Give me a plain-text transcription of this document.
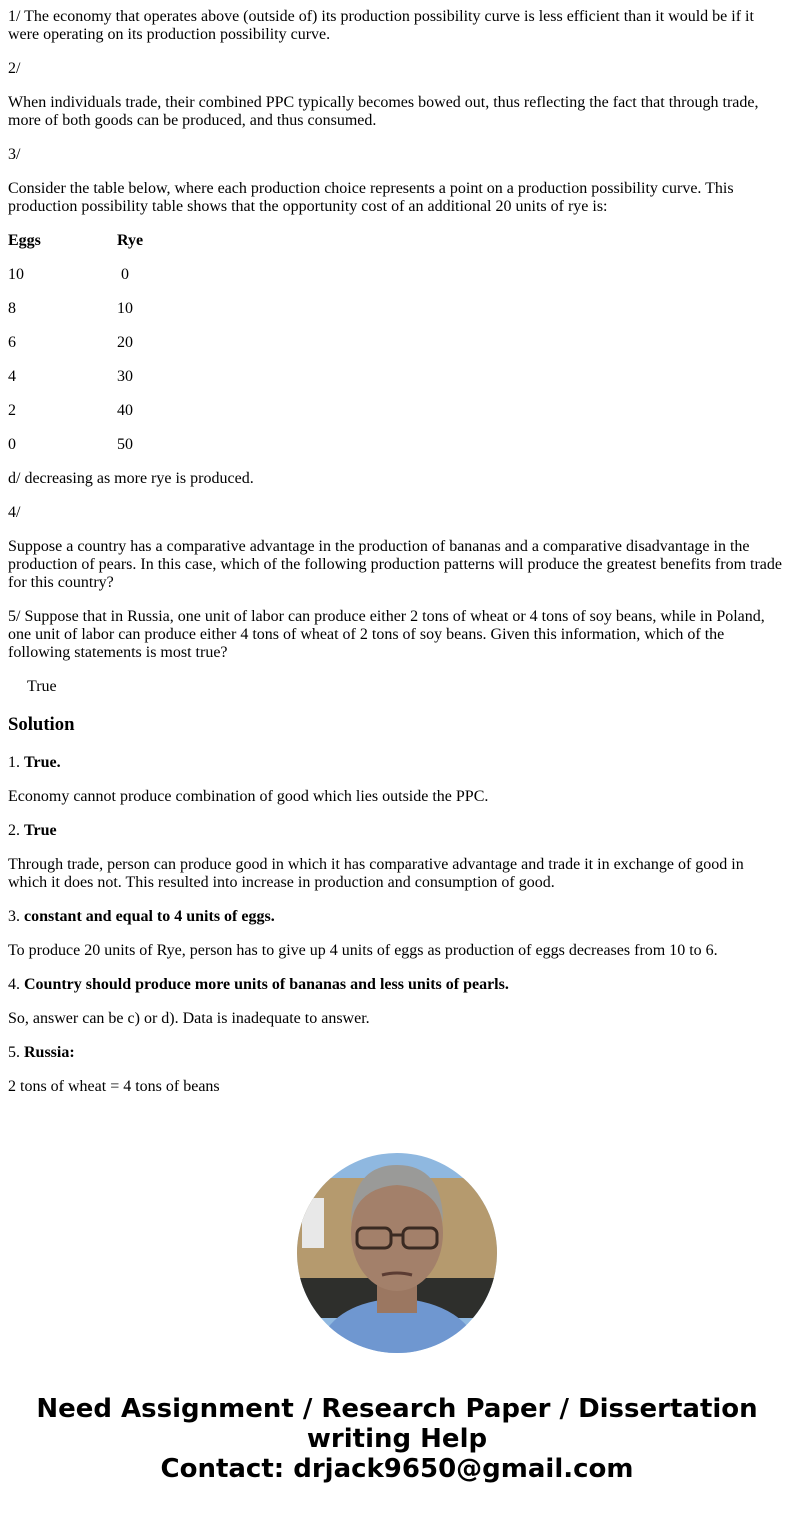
1/ The economy that operates above (outside of) its production possibility curve is less efficient than it would be if it were operating on its production possibility curve.

2/

When individuals trade, their combined PPC typically becomes bowed out, thus reflecting the fact that through trade, more of both goods can be produced, and thus consumed.

3/

Consider the table below, where each production choice represents a point on a production possibility curve. This production possibility table shows that the opportunity cost of an additional 20 units of rye is:

Eggs	Rye
10	0
8	10
6	20
4	30
2	40
0	50

d/ decreasing as more rye is produced.

4/

Suppose a country has a comparative advantage in the production of bananas and a comparative disadvantage in the production of pears. In this case, which of the following production patterns will produce the greatest benefits from trade for this country?

5/ Suppose that in Russia, one unit of labor can produce either 2 tons of wheat or 4 tons of soy beans, while in Poland, one unit of labor can produce either 4 tons of wheat of 2 tons of soy beans. Given this information, which of the following statements is most true?

True

Solution

1. True.

Economy cannot produce combination of good which lies outside the PPC.

2. True

Through trade, person can produce good in which it has comparative advantage and trade it in exchange of good in which it does not. This resulted into increase in production and consumption of good.

3. constant and equal to 4 units of eggs.

To produce 20 units of Rye, person has to give up 4 units of eggs as production of eggs decreases from 10 to 6.

4. Country should produce more units of bananas and less units of pearls.

So, answer can be c) or d). Data is inadequate to answer.

5. Russia:

2 tons of wheat = 4 tons of beans

Need Assignment / Research Paper / Dissertation
writing Help
Contact: drjack9650@gmail.com
